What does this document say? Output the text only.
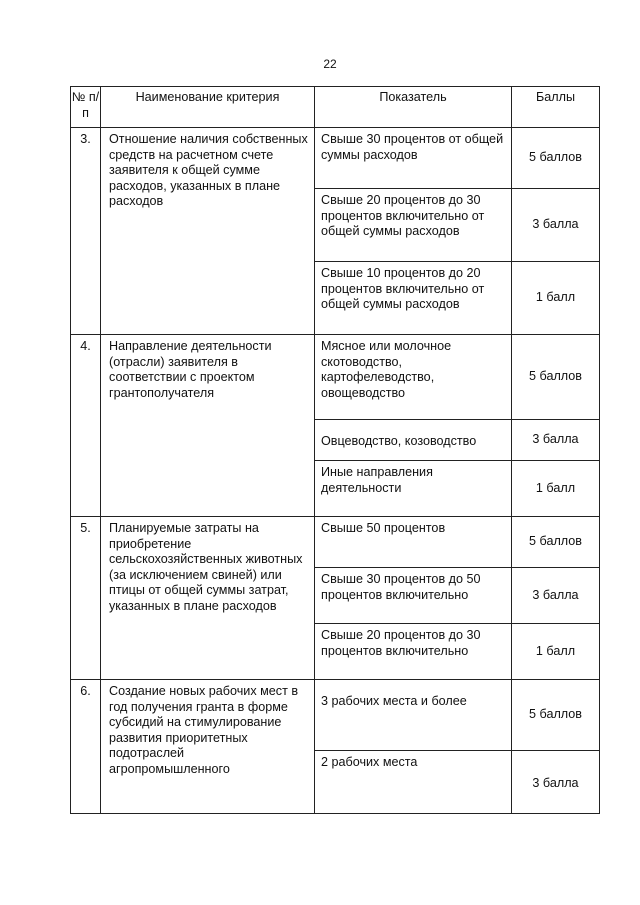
22
№ п/п	Наименование критерия	Показатель	Баллы
3.	Отношение наличия собственных средств на расчетном счете заявителя к общей сумме расходов, указанных в плане расходов	Свыше 30 процентов от общей суммы расходов	5 баллов
		Свыше 20 процентов до 30 процентов включительно от общей суммы расходов	3 балла
		Свыше 10 процентов до 20 процентов включительно от общей суммы расходов	1 балл
4.	Направление деятельности (отрасли) заявителя в соответствии с проектом грантополучателя	Мясное или молочное скотоводство, картофелеводство, овощеводство	5 баллов
		Овцеводство, козоводство	3 балла
		Иные направления деятельности	1 балл
5.	Планируемые затраты на приобретение сельскохозяйственных животных (за исключением свиней) или птицы от общей суммы затрат, указанных в плане расходов	Свыше 50 процентов	5 баллов
		Свыше 30 процентов до 50 процентов включительно	3 балла
		Свыше 20 процентов до 30 процентов включительно	1 балл
6.	Создание новых рабочих мест в год получения гранта в форме субсидий на стимулирование развития приоритетных подотраслей агропромышленного	3 рабочих места и более	5 баллов
		2 рабочих места	3 балла
